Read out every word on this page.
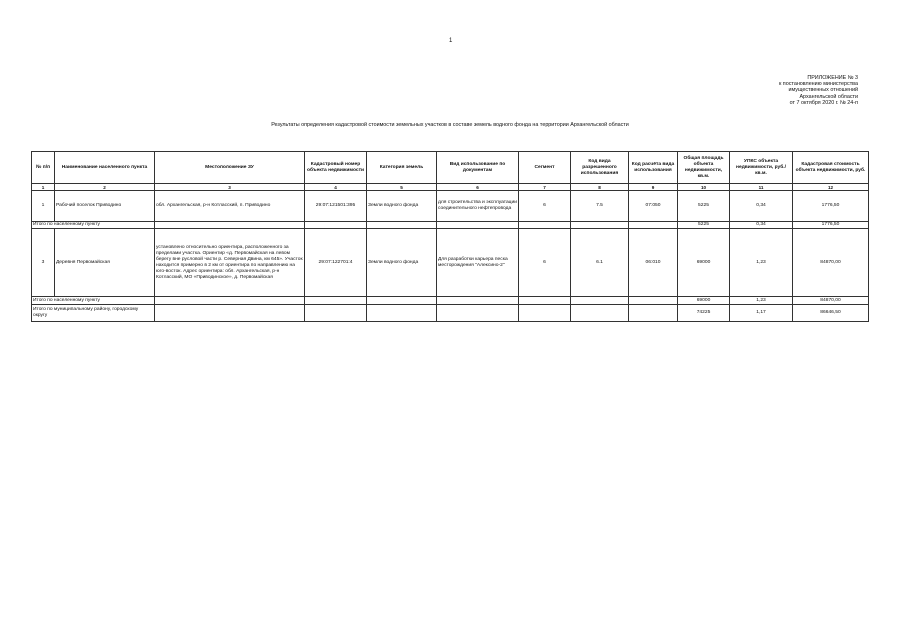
1
ПРИЛОЖЕНИЕ № 3
к постановлению министерства
имущественных отношений
Архангельской области
от 7 октября 2020 г. № 24-п
Результаты определения кадастровой стоимости земельных участков в составе земель водного фонда на территории Архангельской области
№ п/п	Наименование населенного пункта	Местоположение ЗУ	Кадастровый номер объекта недвижимости	Категория земель	Вид использование по документам	Сегмент	Код вида разрешенного использования	Код расчёта вида использования	Общая площадь объекта недвижимости, кв.м.	УПКС объекта недвижимости, руб./кв.м.	Кадастровая стоимость объекта недвижимости, руб.
1	2	3	4	5	6	7	8	9	10	11	12
1	Рабочий поселок Приводино	обл. Архангельская, р-н Котласский, п. Приводино	29:07:121501:395	Земли водного фонда	для строительства и эксплуатации соединительного нефтепровода	6	7.5	07:050	5225	0,34	1776,50
Итого по населенному пункту									5225	0,34	1776,50
3	Деревня Первомайская	установлено относительно ориентира, расположенного за пределами участка. Ориентир «д. Первомайская на левом берегу вне русловой части р. Северная Двина, км 645». Участок находится примерно в 2 км от ориентира по направлению на юго-восток. Адрес ориентира: обл. Архангельская, р-н Котласский, МО «Приводинское», д. Первомайская	29:07:122701:4	Земли водного фонда	Для разработки карьера песка месторождения "Алексино-2"	6	6.1	06:010	69000	1,23	84870,00
Итого по населенному пункту									69000	1,23	84870,00
Итого по муниципальному району, городскому округу									74225	1,17	86646,50
